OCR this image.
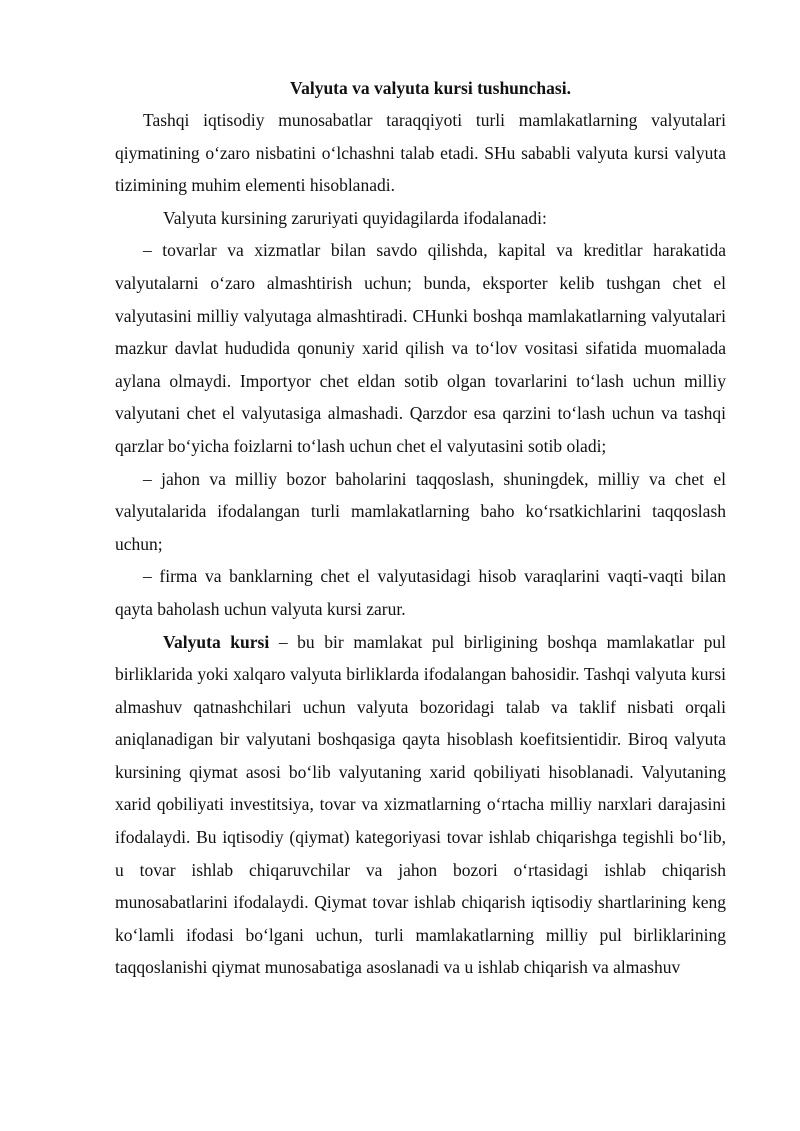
Valyuta va valyuta kursi tushunchasi.

Tashqi iqtisodiy munosabatlar taraqqiyoti turli mamlakatlarning valyutalari qiymatining o‘zaro nisbatini o‘lchashni talab etadi. SHu sababli valyuta kursi valyuta tizimining muhim elementi hisoblanadi.

Valyuta kursining zaruriyati quyidagilarda ifodalanadi:

– tovarlar va xizmatlar bilan savdo qilishda, kapital va kreditlar harakatida valyutalarni o‘zaro almashtirish uchun; bunda, eksporter kelib tushgan chet el valyutasini milliy valyutaga almashtiradi. CHunki boshqa mamlakatlarning valyutalari mazkur davlat hududida qonuniy xarid qilish va to‘lov vositasi sifatida muomalada aylana olmaydi. Importyor chet eldan sotib olgan tovarlarini to‘lash uchun milliy valyutani chet el valyutasiga almashadi. Qarzdor esa qarzini to‘lash uchun va tashqi qarzlar bo‘yicha foizlarni to‘lash uchun chet el valyutasini sotib oladi;

– jahon va milliy bozor baholarini taqqoslash, shuningdek, milliy va chet el valyutalarida ifodalangan turli mamlakatlarning baho ko‘rsatkichlarini taqqoslash uchun;

– firma va banklarning chet el valyutasidagi hisob varaqlarini vaqti-vaqti bilan qayta baholash uchun valyuta kursi zarur.

Valyuta kursi – bu bir mamlakat pul birligining boshqa mamlakatlar pul birliklarida yoki xalqaro valyuta birliklarda ifodalangan bahosidir. Tashqi valyuta kursi almashuv qatnashchilari uchun valyuta bozoridagi talab va taklif nisbati orqali aniqlanadigan bir valyutani boshqasiga qayta hisoblash koefitsientidir. Biroq valyuta kursining qiymat asosi bo‘lib valyutaning xarid qobiliyati hisoblanadi. Valyutaning xarid qobiliyati investitsiya, tovar va xizmatlarning o‘rtacha milliy narxlari darajasini ifodalaydi. Bu iqtisodiy (qiymat) kategoriyasi tovar ishlab chiqarishga tegishli bo‘lib, u tovar ishlab chiqaruvchilar va jahon bozori o‘rtasidagi ishlab chiqarish munosabatlarini ifodalaydi. Qiymat tovar ishlab chiqarish iqtisodiy shartlarining keng ko‘lamli ifodasi bo‘lgani uchun, turli mamlakatlarning milliy pul birliklarining taqqoslanishi qiymat munosabatiga asoslanadi va u ishlab chiqarish va almashuv
